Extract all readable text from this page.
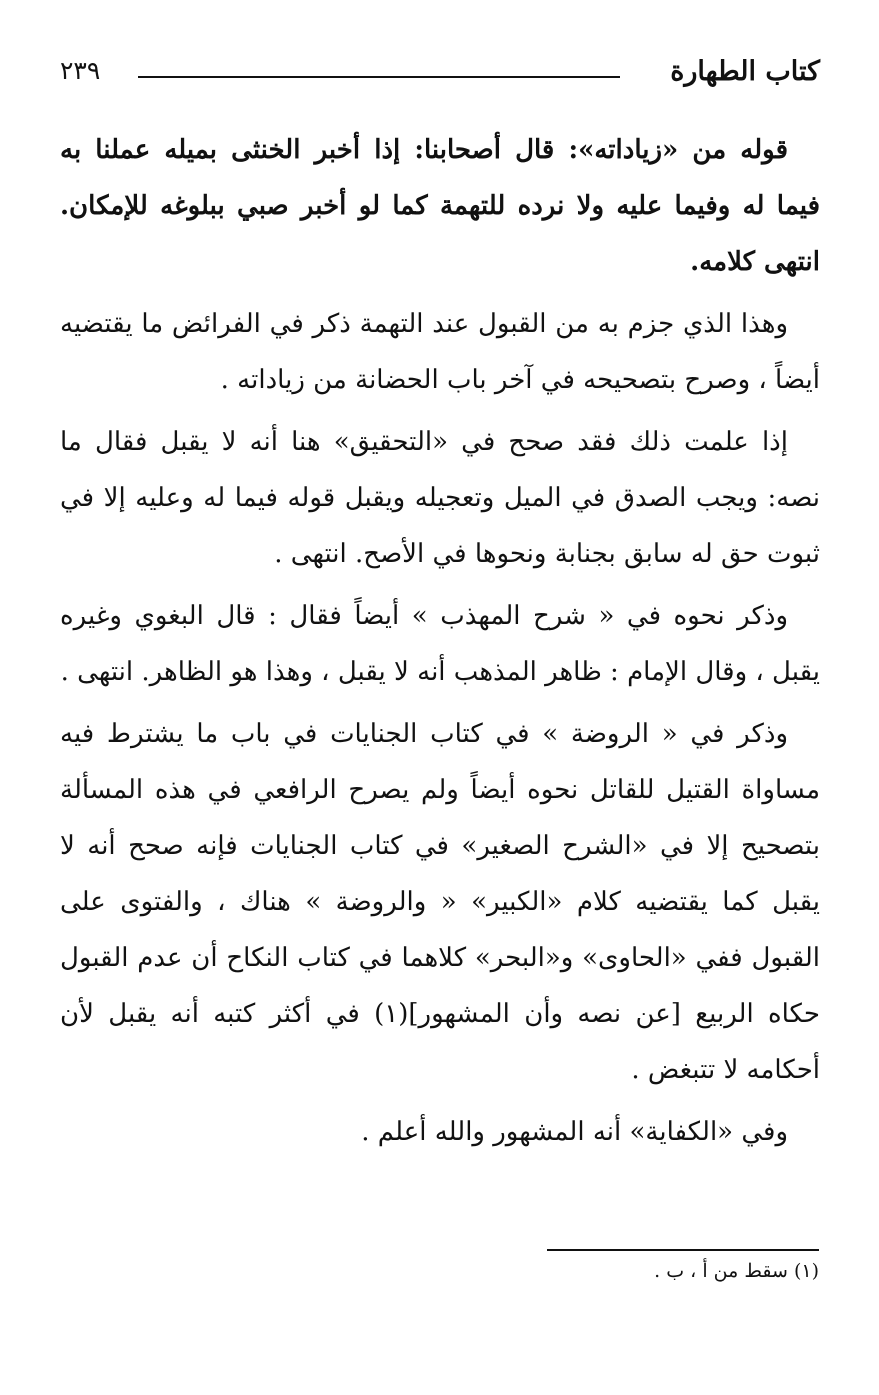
كتاب الطهارة
٢٣٩

قوله من «زياداته»: قال أصحابنا: إذا أخبر الخنثى بميله عملنا به فيما له وفيما عليه ولا نرده للتهمة كما لو أخبر صبي ببلوغه للإمكان. انتهى كلامه.

وهذا الذي جزم به من القبول عند التهمة ذكر في الفرائض ما يقتضيه أيضاً ، وصرح بتصحيحه في آخر باب الحضانة من زياداته .

إذا علمت ذلك فقد صحح في «التحقيق» هنا أنه لا يقبل فقال ما نصه: ويجب الصدق في الميل وتعجيله ويقبل قوله فيما له وعليه إلا في ثبوت حق له سابق بجنابة ونحوها في الأصح. انتهى .

وذكر نحوه في « شرح المهذب » أيضاً فقال : قال البغوي وغيره يقبل ، وقال الإمام : ظاهر المذهب أنه لا يقبل ، وهذا هو الظاهر. انتهى .

وذكر في « الروضة » في كتاب الجنايات في باب ما يشترط فيه مساواة القتيل للقاتل نحوه أيضاً ولم يصرح الرافعي في هذه المسألة بتصحيح إلا في «الشرح الصغير» في كتاب الجنايات فإنه صحح أنه لا يقبل كما يقتضيه كلام «الكبير» « والروضة » هناك ، والفتوى على القبول ففي «الحاوى» و«البحر» كلاهما في كتاب النكاح أن عدم القبول حكاه الربيع [عن نصه وأن المشهور](١) في أكثر كتبه أنه يقبل لأن أحكامه لا تتبغض .

وفي «الكفاية» أنه المشهور والله أعلم .

(١) سقط من أ ، ب .
